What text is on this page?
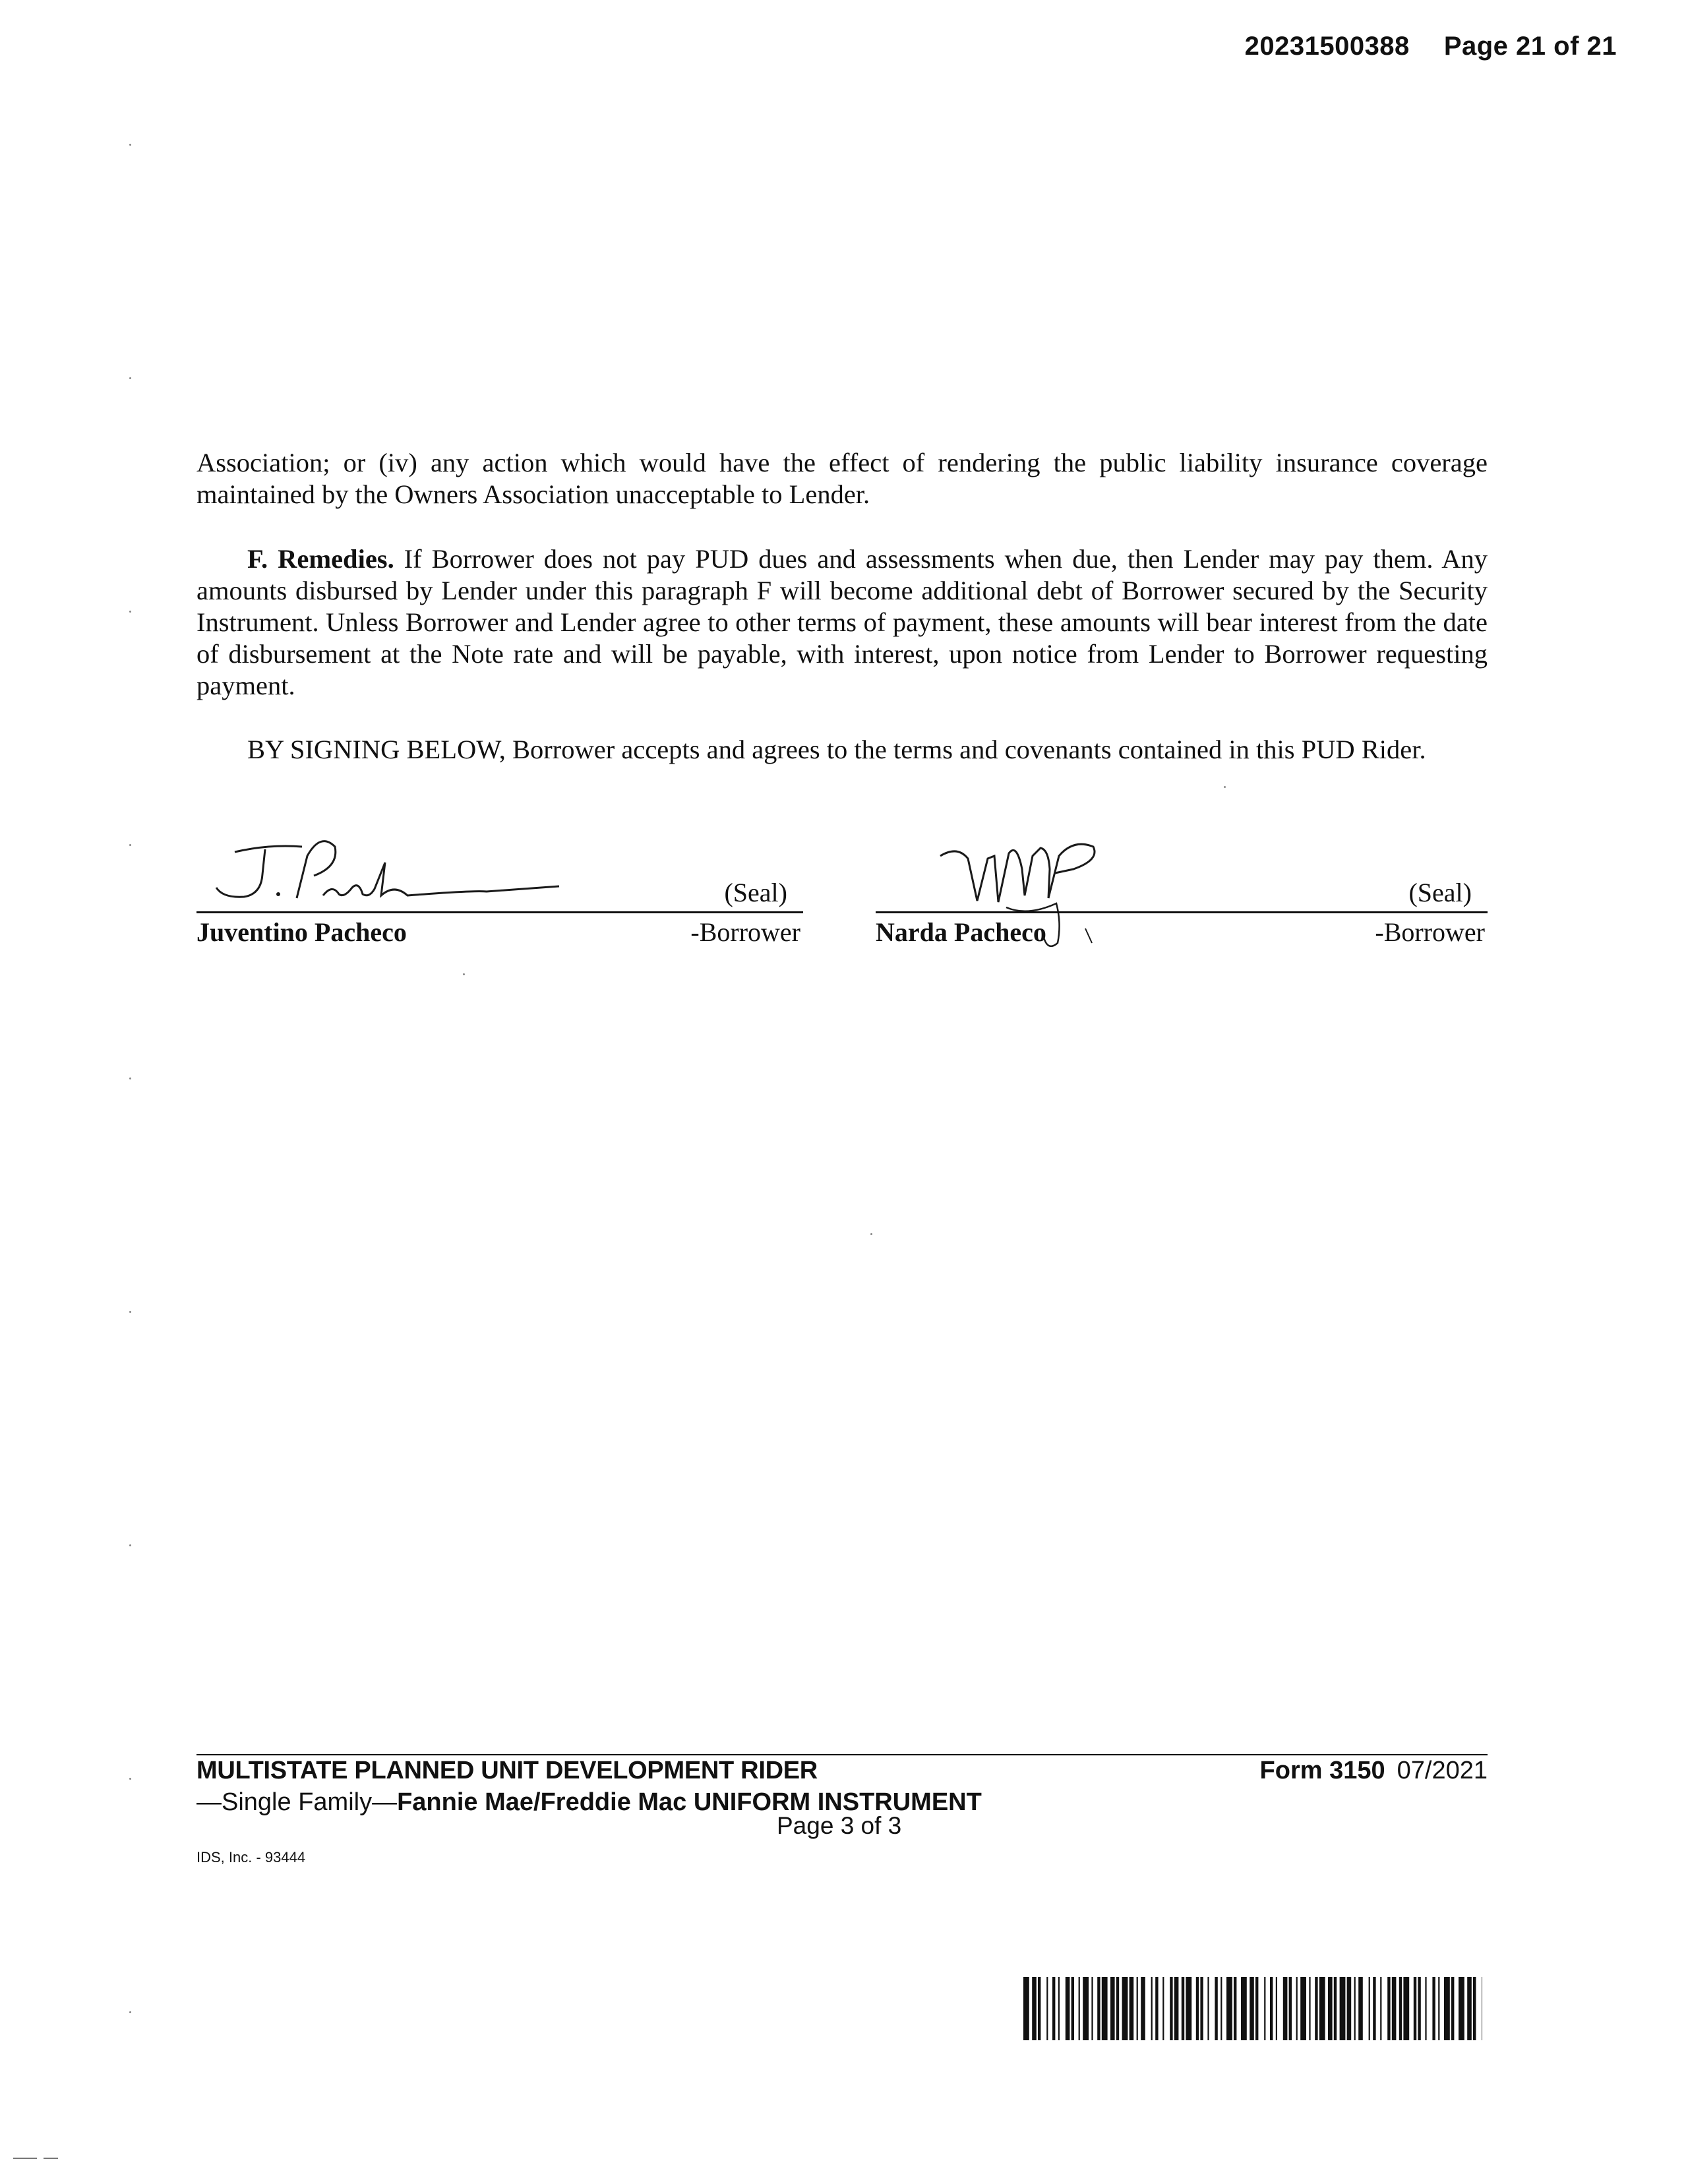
20231500388 Page 21 of 21

Association; or (iv) any action which would have the effect of rendering the public liability insurance coverage maintained by the Owners Association unacceptable to Lender.

F. Remedies. If Borrower does not pay PUD dues and assessments when due, then Lender may pay them. Any amounts disbursed by Lender under this paragraph F will become additional debt of Borrower secured by the Security Instrument. Unless Borrower and Lender agree to other terms of payment, these amounts will bear interest from the date of disbursement at the Note rate and will be payable, with interest, upon notice from Lender to Borrower requesting payment.

BY SIGNING BELOW, Borrower accepts and agrees to the terms and covenants contained in this PUD Rider.

(Seal)
Juventino Pacheco	-Borrower
(Seal)
Narda Pacheco	-Borrower
MULTISTATE PLANNED UNIT DEVELOPMENT RIDER	Form 3150 07/2021
—Single Family—Fannie Mae/Freddie Mac UNIFORM INSTRUMENT
Page 3 of 3
IDS, Inc. - 93444
